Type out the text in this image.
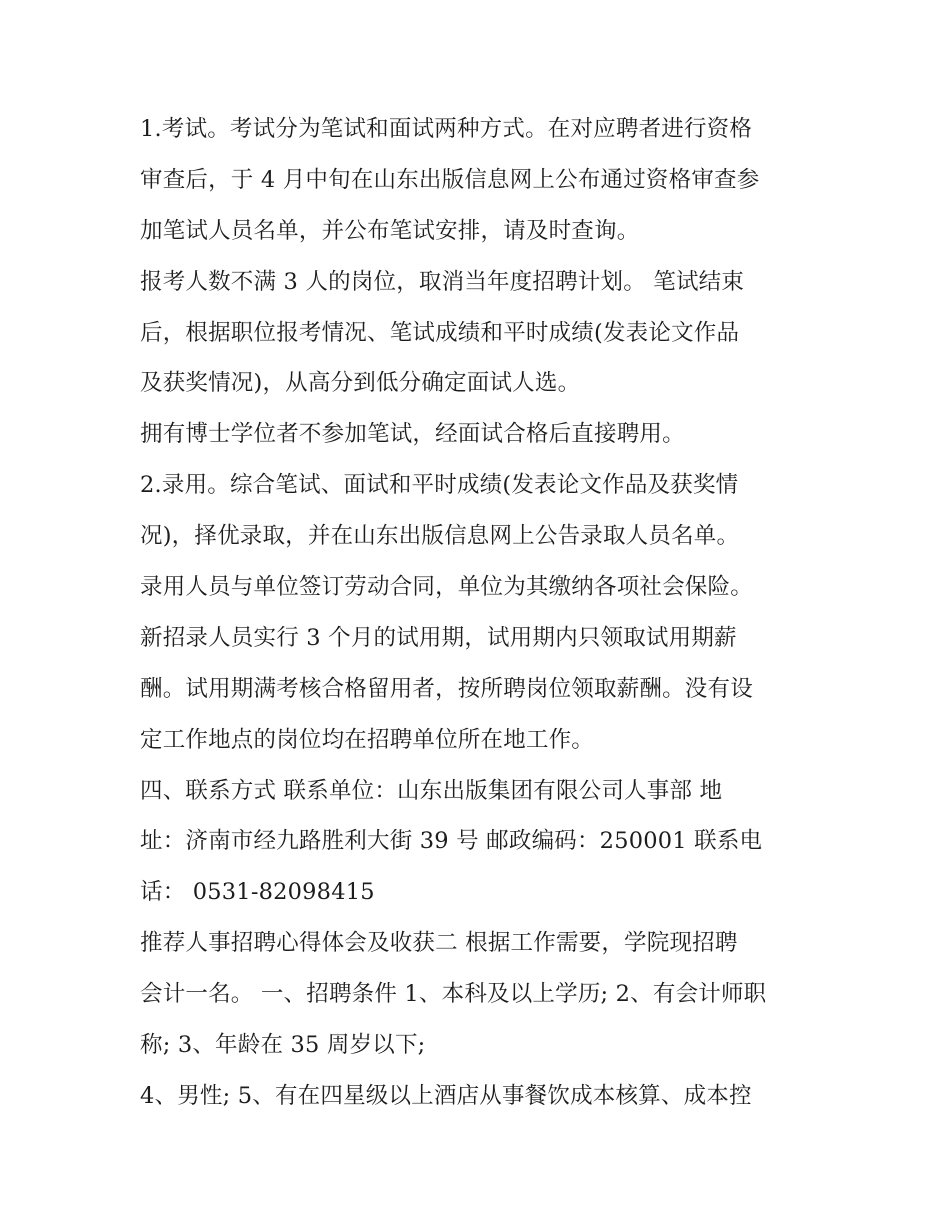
1.考试。考试分为笔试和面试两种方式。在对应聘者进行资格
审查后，于 4 月中旬在山东出版信息网上公布通过资格审查参
加笔试人员名单，并公布笔试安排，请及时查询。
报考人数不满 3 人的岗位，取消当年度招聘计划。 笔试结束
后，根据职位报考情况、笔试成绩和平时成绩(发表论文作品
及获奖情况)，从高分到低分确定面试人选。
拥有博士学位者不参加笔试，经面试合格后直接聘用。
2.录用。综合笔试、面试和平时成绩(发表论文作品及获奖情
况)，择优录取，并在山东出版信息网上公告录取人员名单。
录用人员与单位签订劳动合同，单位为其缴纳各项社会保险。
新招录人员实行 3 个月的试用期，试用期内只领取试用期薪
酬。试用期满考核合格留用者，按所聘岗位领取薪酬。没有设
定工作地点的岗位均在招聘单位所在地工作。
四、联系方式 联系单位：山东出版集团有限公司人事部 地
址：济南市经九路胜利大街 39 号 邮政编码：250001 联系电
话： 0531-82098415
推荐人事招聘心得体会及收获二 根据工作需要，学院现招聘
会计一名。 一、招聘条件 1、本科及以上学历; 2、有会计师职
称; 3、年龄在 35 周岁以下;
4、男性; 5、有在四星级以上酒店从事餐饮成本核算、成本控
